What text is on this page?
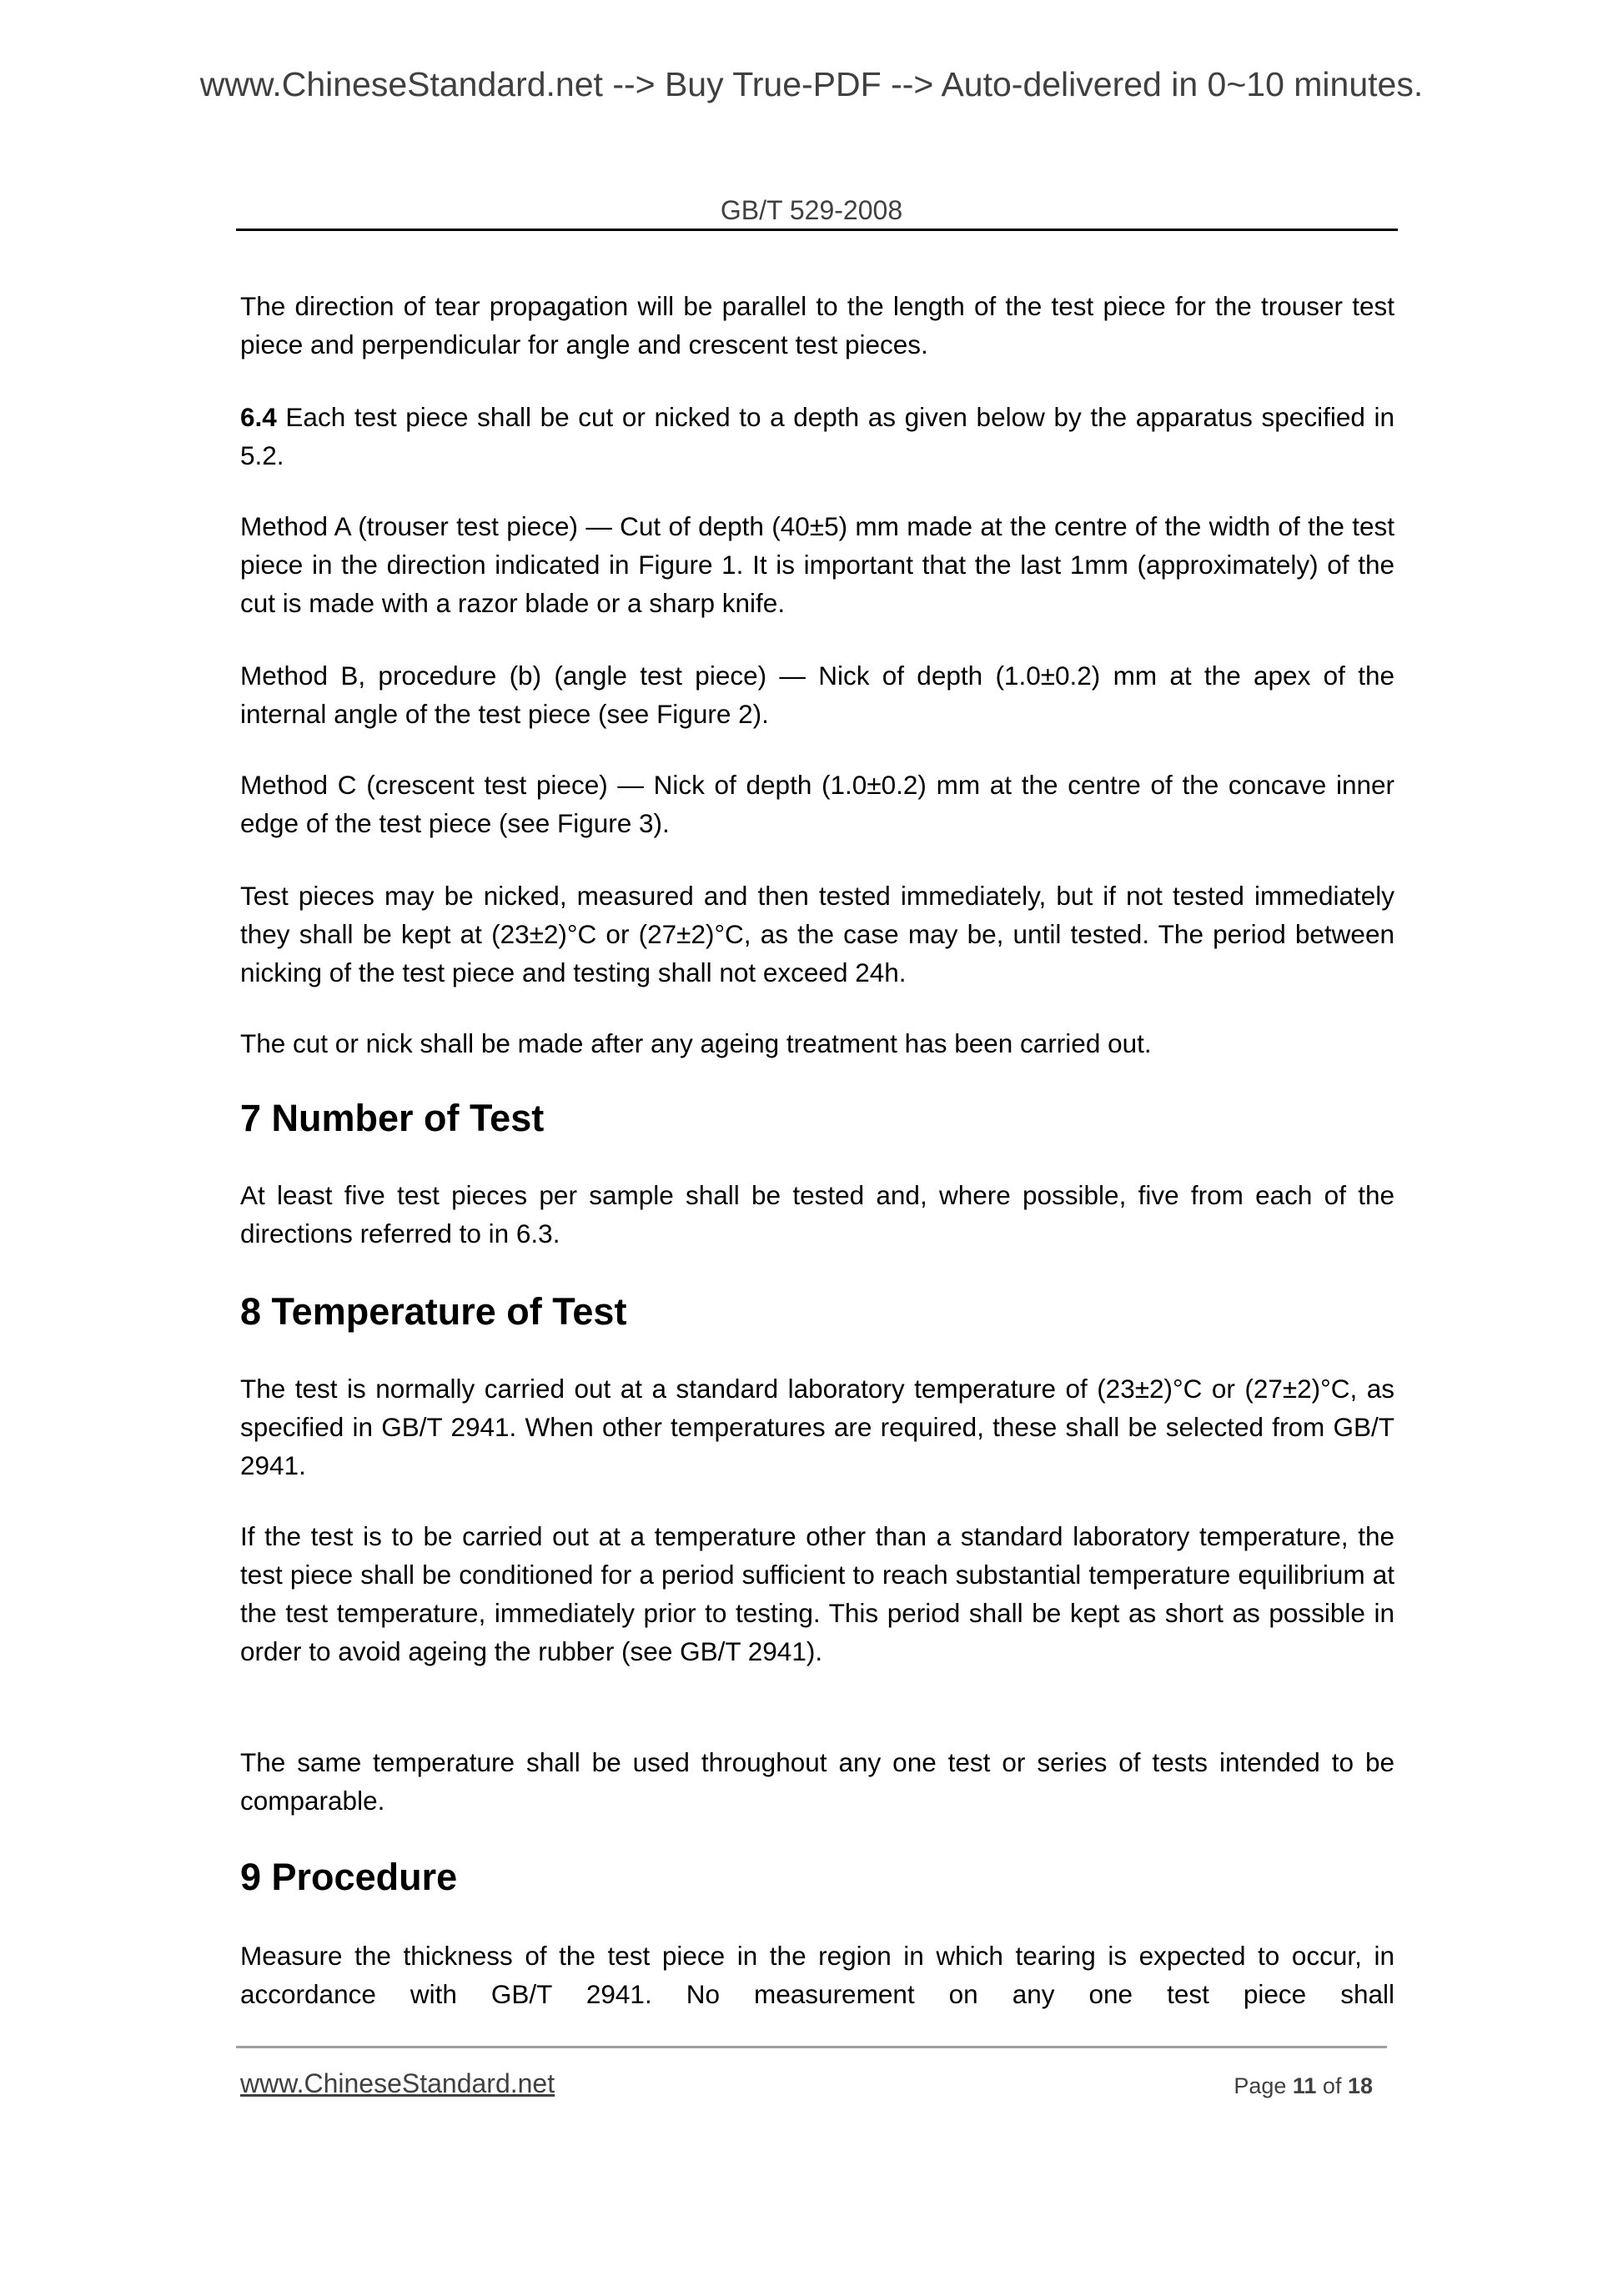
www.ChineseStandard.net --> Buy True-PDF --> Auto-delivered in 0~10 minutes.
GB/T 529-2008
The direction of tear propagation will be parallel to the length of the test piece for the trouser test piece and perpendicular for angle and crescent test pieces.
6.4 Each test piece shall be cut or nicked to a depth as given below by the apparatus specified in 5.2.
Method A (trouser test piece) — Cut of depth (40±5) mm made at the centre of the width of the test piece in the direction indicated in Figure 1. It is important that the last 1mm (approximately) of the cut is made with a razor blade or a sharp knife.
Method B, procedure (b) (angle test piece) — Nick of depth (1.0±0.2) mm at the apex of the internal angle of the test piece (see Figure 2).
Method C (crescent test piece) — Nick of depth (1.0±0.2) mm at the centre of the concave inner edge of the test piece (see Figure 3).
Test pieces may be nicked, measured and then tested immediately, but if not tested immediately they shall be kept at (23±2)°C or (27±2)°C, as the case may be, until tested. The period between nicking of the test piece and testing shall not exceed 24h.
The cut or nick shall be made after any ageing treatment has been carried out.
7 Number of Test
At least five test pieces per sample shall be tested and, where possible, five from each of the directions referred to in 6.3.
8 Temperature of Test
The test is normally carried out at a standard laboratory temperature of (23±2)°C or (27±2)°C, as specified in GB/T 2941. When other temperatures are required, these shall be selected from GB/T 2941.
If the test is to be carried out at a temperature other than a standard laboratory temperature, the test piece shall be conditioned for a period sufficient to reach substantial temperature equilibrium at the test temperature, immediately prior to testing. This period shall be kept as short as possible in order to avoid ageing the rubber (see GB/T 2941).
The same temperature shall be used throughout any one test or series of tests intended to be comparable.
9 Procedure
Measure the thickness of the test piece in the region in which tearing is expected to occur, in accordance with GB/T 2941. No measurement on any one test piece shall
www.ChineseStandard.net	Page 11 of 18
